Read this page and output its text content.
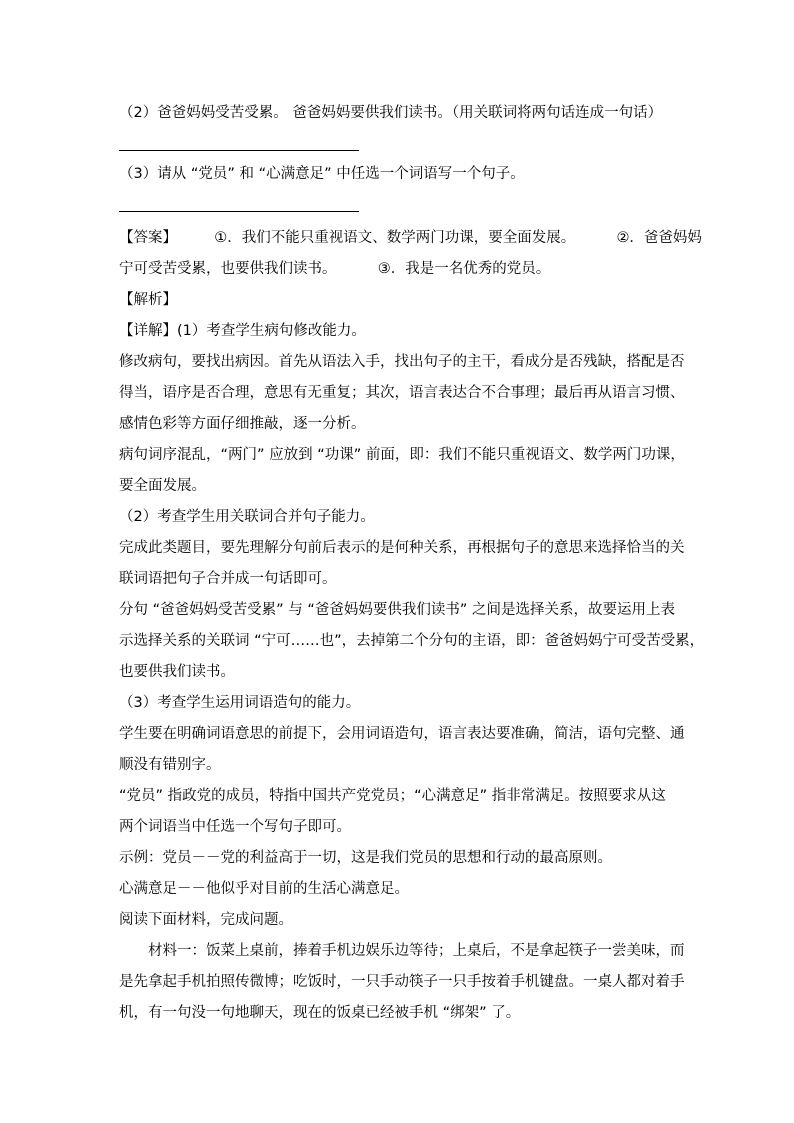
（2）爸爸妈妈受苦受累。 爸爸妈妈要供我们读书。（用关联词将两句话连成一句话）
（3）请从 “党员” 和 “心满意足” 中任选一个词语写一个句子。
【答案】	①．我们不能只重视语文、数学两门功课，要全面发展。	②．爸爸妈妈
宁可受苦受累，也要供我们读书。	③．我是一名优秀的党员。
【解析】
【详解】(1）考查学生病句修改能力。
修改病句，要找出病因。首先从语法入手，找出句子的主干，看成分是否残缺，搭配是否
得当，语序是否合理，意思有无重复；其次，语言表达合不合事理；最后再从语言习惯、
感情色彩等方面仔细推敲，逐一分析。
病句词序混乱，“两门” 应放到 “功课” 前面，即：我们不能只重视语文、数学两门功课，
要全面发展。
（2）考查学生用关联词合并句子能力。
完成此类题目，要先理解分句前后表示的是何种关系，再根据句子的意思来选择恰当的关
联词语把句子合并成一句话即可。
分句 “爸爸妈妈受苦受累” 与 “爸爸妈妈要供我们读书” 之间是选择关系，故要运用上表
示选择关系的关联词 “宁可……也”，去掉第二个分句的主语，即：爸爸妈妈宁可受苦受累，
也要供我们读书。
（3）考查学生运用词语造句的能力。
学生要在明确词语意思的前提下，会用词语造句，语言表达要准确，简洁，语句完整、通
顺没有错别字。
“党员” 指政党的成员，特指中国共产党党员；“心满意足” 指非常满足。按照要求从这
两个词语当中任选一个写句子即可。
示例：党员－－党的利益高于一切，这是我们党员的思想和行动的最高原则。
心满意足－－他似乎对目前的生活心满意足。
阅读下面材料，完成问题。
材料一：饭菜上桌前，捧着手机边娱乐边等待；上桌后，不是拿起筷子一尝美味，而
是先拿起手机拍照传微博；吃饭时，一只手动筷子一只手按着手机键盘。一桌人都对着手
机，有一句没一句地聊天，现在的饭桌已经被手机 “绑架” 了。
